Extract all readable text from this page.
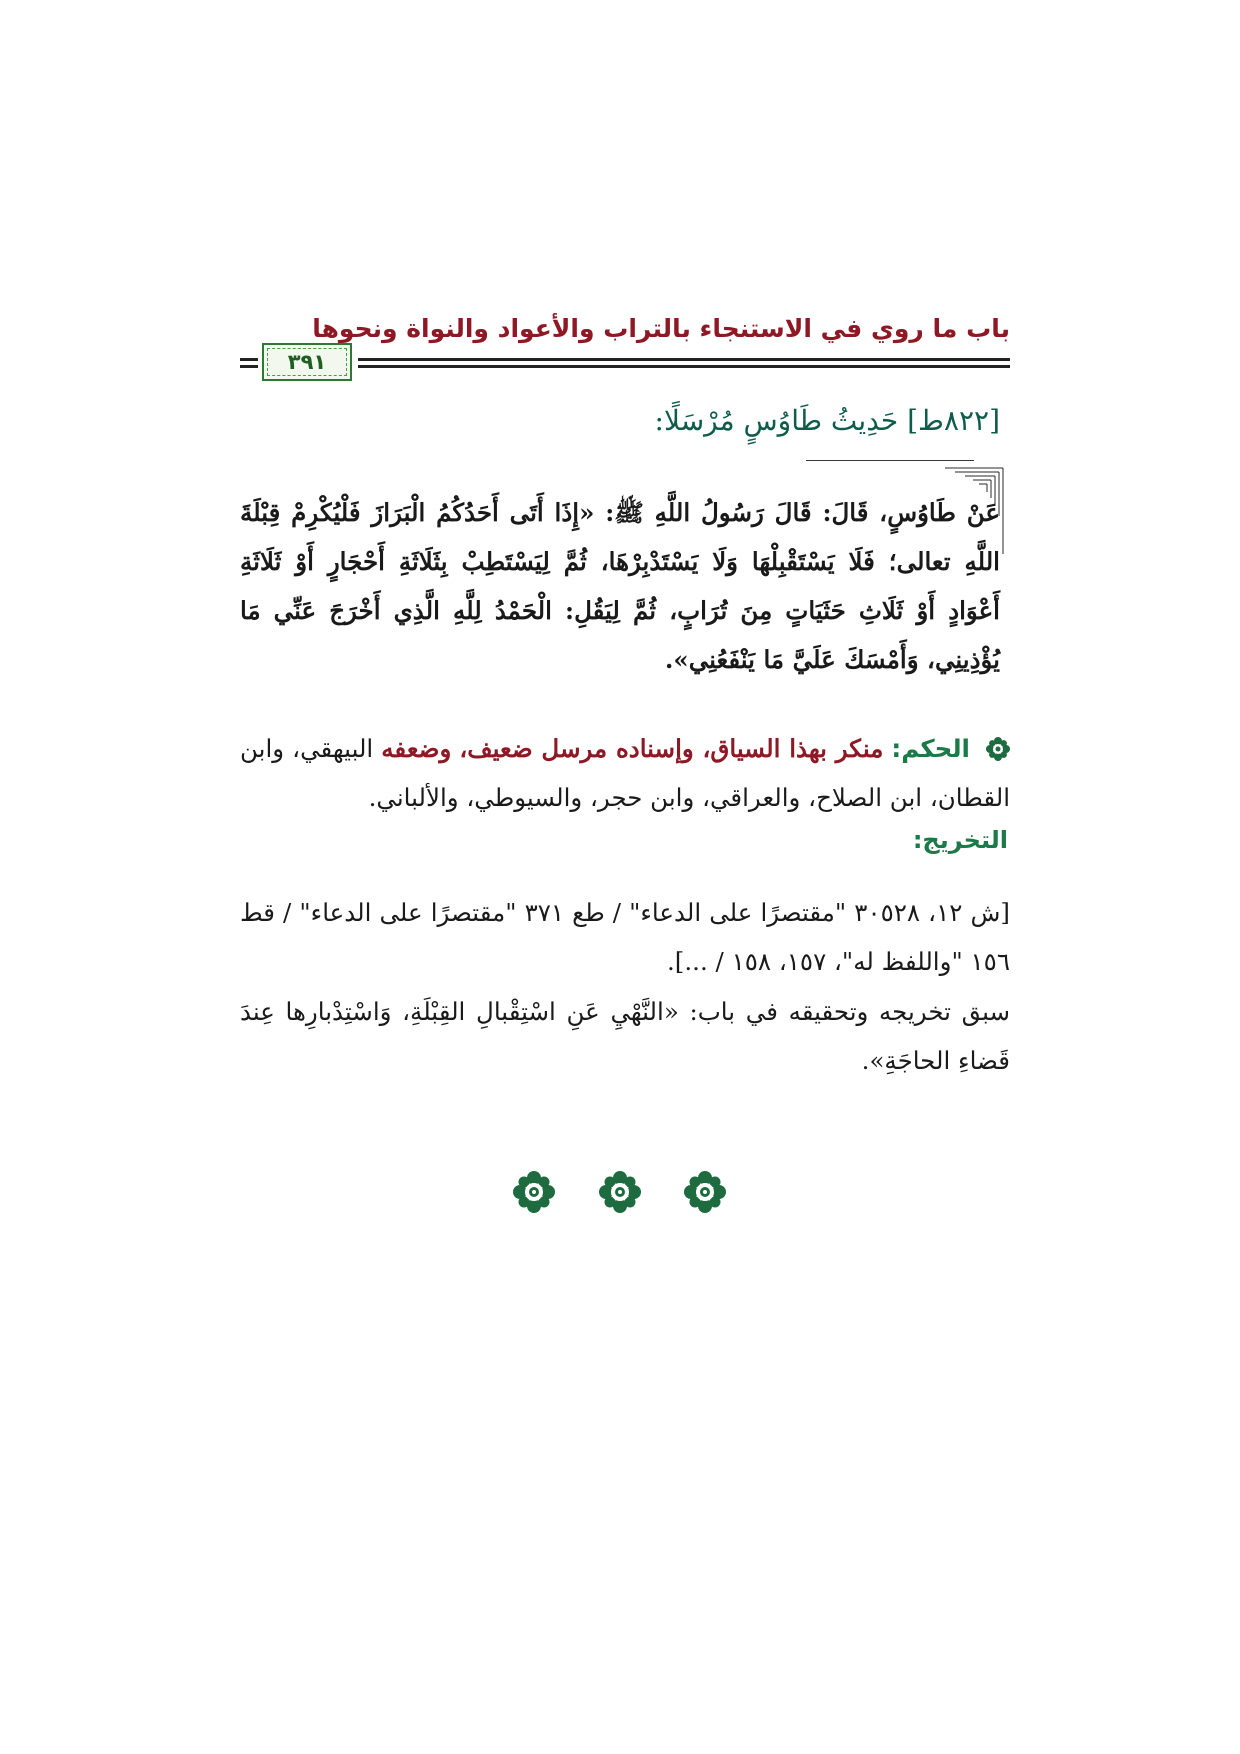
باب ما روي في الاستنجاء بالتراب والأعواد والنواة ونحوها
٣٩١
[٨٢٢ط] حَدِيثُ طَاوُسٍ مُرْسَلًا:
عَنْ طَاوُسٍ، قَالَ: قَالَ رَسُولُ اللَّهِ ﷺ: «إِذَا أَتَى أَحَدُكُمُ الْبَرَازَ فَلْيُكْرِمْ قِبْلَةَ اللَّهِ تعالى؛ فَلَا يَسْتَقْبِلْهَا وَلَا يَسْتَدْبِرْهَا، ثُمَّ لِيَسْتَطِبْ بِثَلَاثَةِ أَحْجَارٍ أَوْ ثَلَاثَةِ أَعْوَادٍ أَوْ ثَلَاثِ حَثَيَاتٍ مِنَ تُرَابٍ، ثُمَّ لِيَقُلِ: الْحَمْدُ لِلَّهِ الَّذِي أَخْرَجَ عَنِّي مَا يُؤْذِينِي، وَأَمْسَكَ عَلَيَّ مَا يَنْفَعُنِي».
الحكم: منكر بهذا السياق، وإسناده مرسل ضعيف، وضعفه البيهقي، وابن القطان، ابن الصلاح، والعراقي، وابن حجر، والسيوطي، والألباني.
التخريج:
[ش ١٢، ٣٠٥٢٨ "مقتصرًا على الدعاء" / طع ٣٧١ "مقتصرًا على الدعاء" / قط ١٥٦ "واللفظ له"، ١٥٧، ١٥٨ / ...].
سبق تخريجه وتحقيقه في باب: «النَّهْيِ عَنِ اسْتِقْبالِ القِبْلَةِ، وَاسْتِدْبارِها عِندَ قَضاءِ الحاجَةِ».
